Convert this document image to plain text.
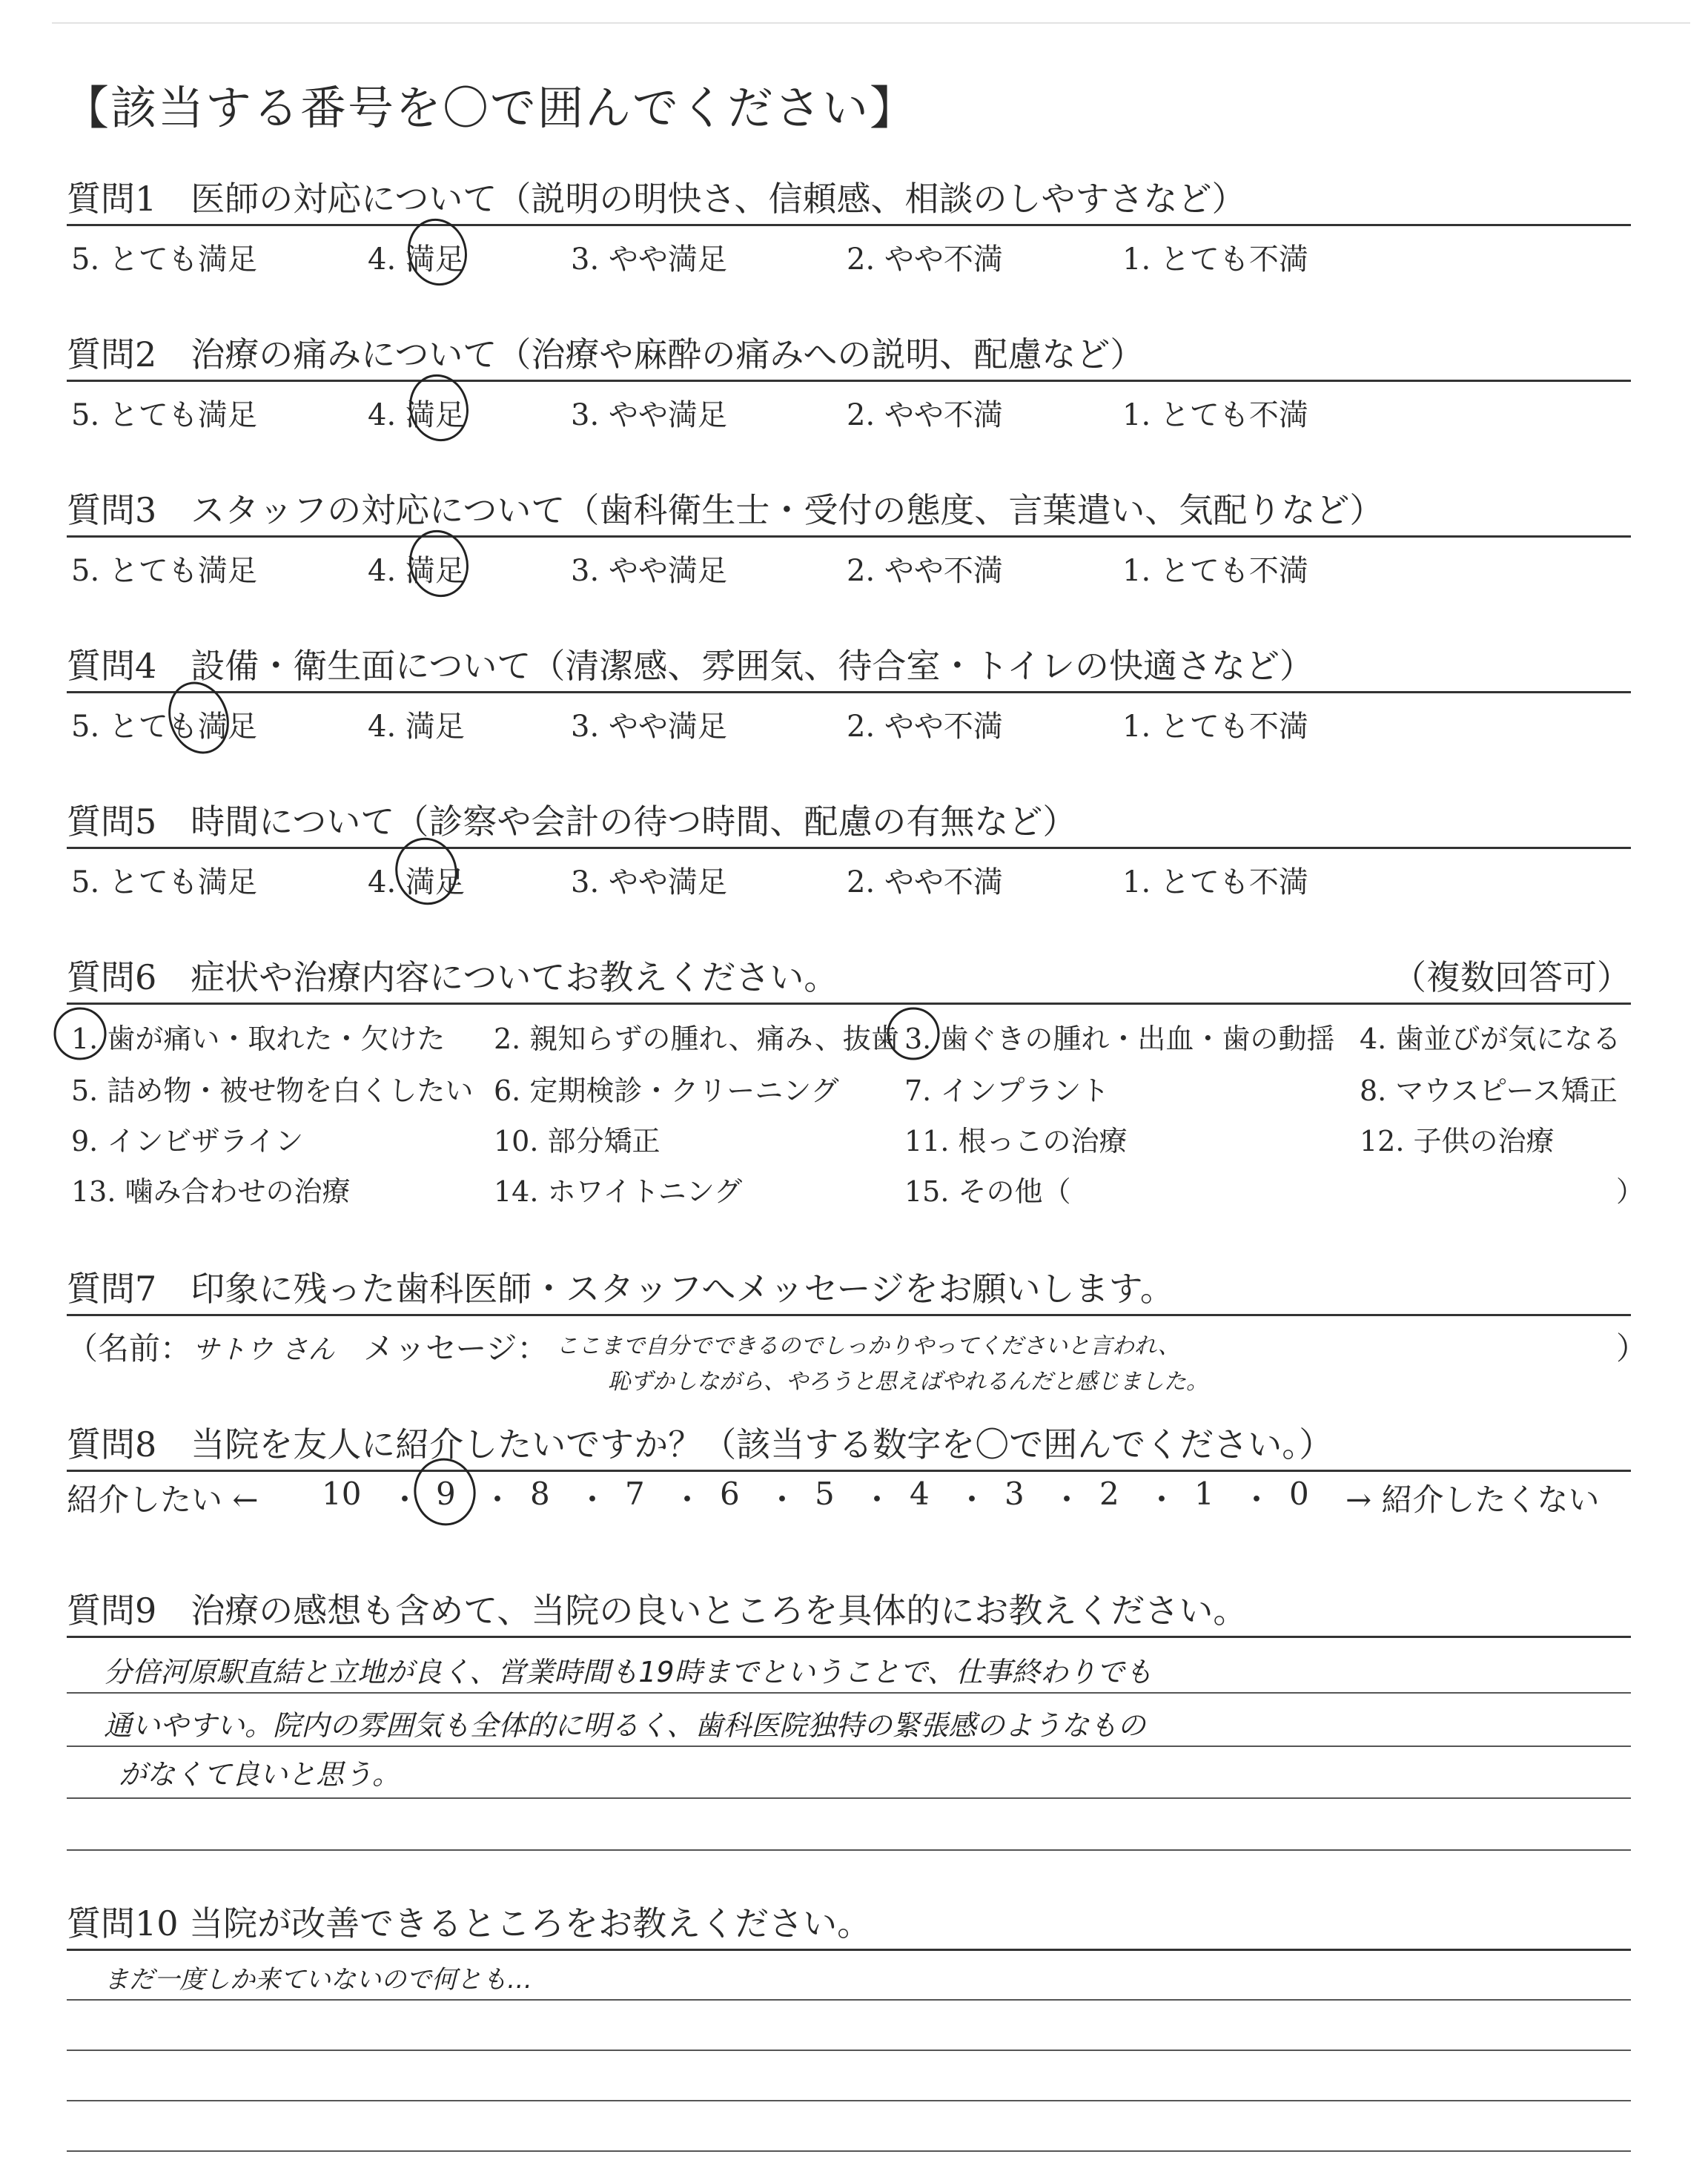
【該当する番号を〇で囲んでください】
質問1　医師の対応について（説明の明快さ、信頼感、相談のしやすさなど）
5. とても満足	4. 満足	3. やや満足	2. やや不満	1. とても不満
質問2　治療の痛みについて（治療や麻酔の痛みへの説明、配慮など）
5. とても満足	4. 満足	3. やや満足	2. やや不満	1. とても不満
質問3　スタッフの対応について（歯科衛生士・受付の態度、言葉遣い、気配りなど）
5. とても満足	4. 満足	3. やや満足	2. やや不満	1. とても不満
質問4　設備・衛生面について（清潔感、雰囲気、待合室・トイレの快適さなど）
5. とても満足	4. 満足	3. やや満足	2. やや不満	1. とても不満
質問5　時間について（診察や会計の待つ時間、配慮の有無など）
5. とても満足	4. 満足	3. やや満足	2. やや不満	1. とても不満
質問6　症状や治療内容についてお教えください。	（複数回答可）
1. 歯が痛い・取れた・欠けた 2. 親知らずの腫れ、痛み、抜歯 3. 歯ぐきの腫れ・出血・歯の動揺 4. 歯並びが気になる
5. 詰め物・被せ物を白くしたい 6. 定期検診・クリーニング 7. インプラント	8. マウスピース矯正
9. インビザライン	10. 部分矯正	11. 根っこの治療	12. 子供の治療
13. 噛み合わせの治療	14. ホワイトニング	15. その他（	）
質問7　印象に残った歯科医師・スタッフへメッセージをお願いします。
（名前： サトウ さん メッセージ： ここまで自分でできるのでしっかりやってくださいと言われ、
恥ずかしながら、やろうと思えばやれるんだと感じました。
）
質問8　当院を友人に紹介したいですか？（該当する数字を〇で囲んでください。）
紹介したい ← 10 ・ 9 ・ 8 ・ 7 ・ 6 ・ 5 ・ 4 ・ 3 ・ 2 ・ 1 ・ 0 → 紹介したくない
質問9　治療の感想も含めて、当院の良いところを具体的にお教えください。
分倍河原駅直結と立地が良く、営業時間も19時までということで、仕事終わりでも
通いやすい。院内の雰囲気も全体的に明るく、歯科医院独特の緊張感のようなもの
がなくて良いと思う。
質問10 当院が改善できるところをお教えください。
まだ一度しか来ていないので何とも…
